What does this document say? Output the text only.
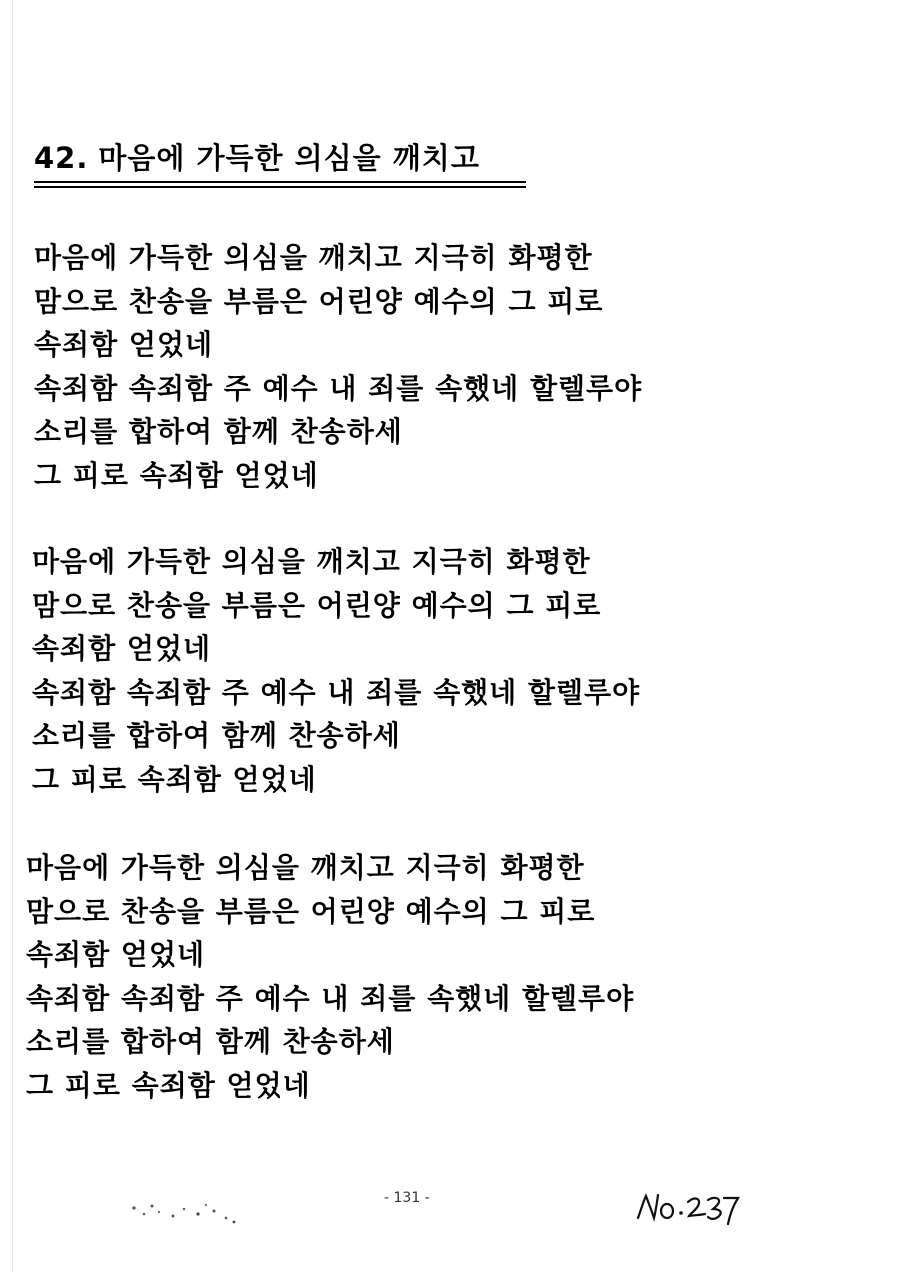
42. 마음에 가득한 의심을 깨치고
마음에 가득한 의심을 깨치고 지극히 화평한
맘으로 찬송을 부름은 어린양 예수의 그 피로
속죄함 얻었네
속죄함 속죄함 주 예수 내 죄를 속했네 할렐루야
소리를 합하여 함께 찬송하세
그 피로 속죄함 얻었네
마음에 가득한 의심을 깨치고 지극히 화평한
맘으로 찬송을 부름은 어린양 예수의 그 피로
속죄함 얻었네
속죄함 속죄함 주 예수 내 죄를 속했네 할렐루야
소리를 합하여 함께 찬송하세
그 피로 속죄함 얻었네
마음에 가득한 의심을 깨치고 지극히 화평한
맘으로 찬송을 부름은 어린양 예수의 그 피로
속죄함 얻었네
속죄함 속죄함 주 예수 내 죄를 속했네 할렐루야
소리를 합하여 함께 찬송하세
그 피로 속죄함 얻었네
- 131 -
